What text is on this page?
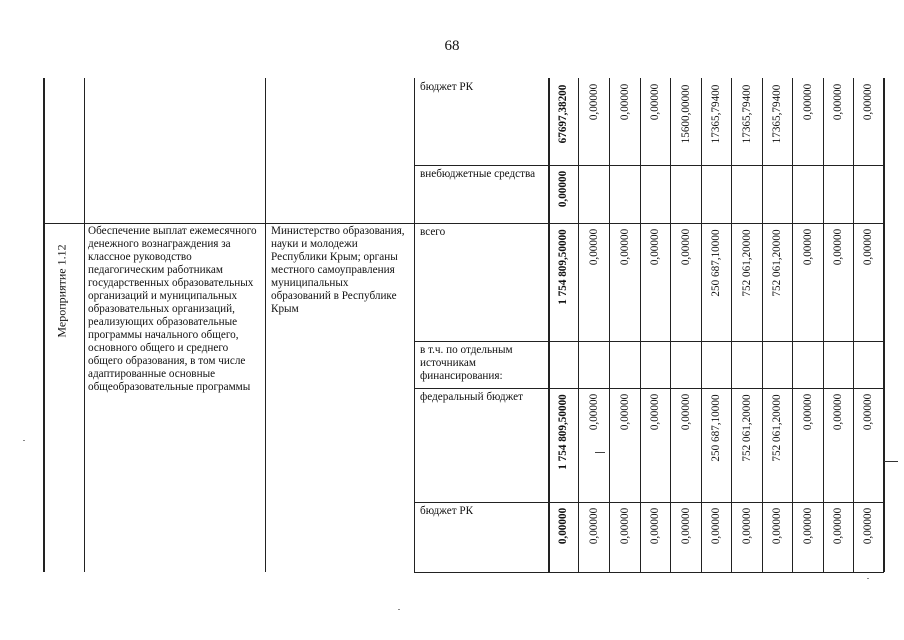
68
Мероприятие 1.12
Обеспечение выплат ежемесячного денежного вознаграждения за классное руководство педагогическим работникам государственных образовательных организаций и муниципальных образовательных организаций, реализующих образовательные программы начального общего, основного общего и среднего общего образования, в том числе адаптированные основные общеобразовательные программы
Министерство образования, науки и молодежи Республики Крым; органы местного самоуправления муниципальных образований в Республике Крым
бюджет РК	67697,38200 0,00000 0,00000 0,00000 15600,00000 17365,79400 17365,79400 17365,79400 0,00000 0,00000 0,00000
внебюджетные средства	0,00000
всего	1 754 809,50000 0,00000 0,00000 0,00000 0,00000 250 687,10000 752 061,20000 752 061,20000 0,00000 0,00000 0,00000
в т.ч. по отдельным источникам финансирования:
федеральный бюджет	1 754 809,50000 0,00000 0,00000 0,00000 0,00000 250 687,10000 752 061,20000 752 061,20000 0,00000 0,00000 0,00000
бюджет РК	0,00000 0,00000 0,00000 0,00000 0,00000 0,00000 0,00000 0,00000 0,00000 0,00000 0,00000
